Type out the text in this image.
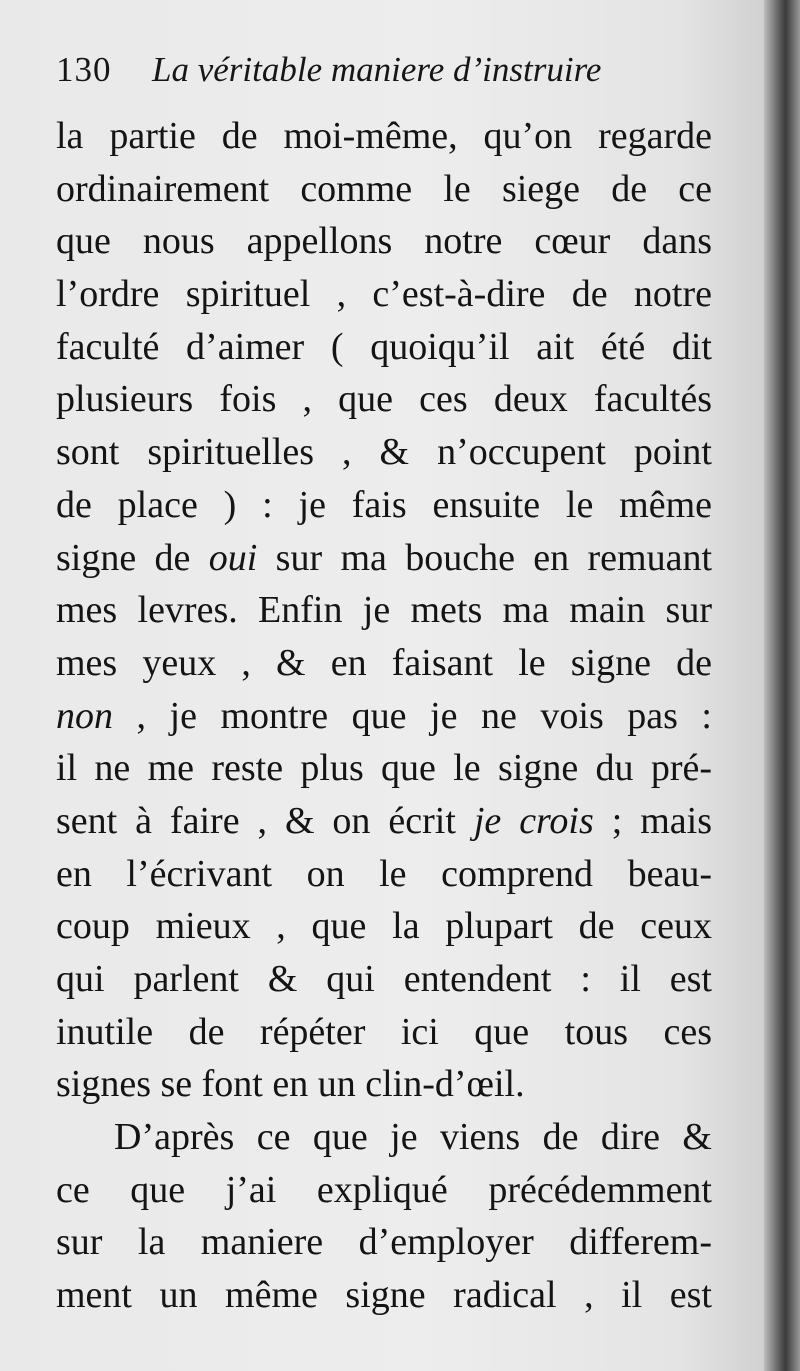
130 La véritable maniere d’instruire
la partie de moi-même, qu’on regarde
ordinairement comme le siege de ce
que nous appellons notre cœur dans
l’ordre spirituel , c’est-à-dire de notre
faculté d’aimer ( quoiqu’il ait été dit
plusieurs fois , que ces deux facultés
sont spirituelles , & n’occupent point
de place ) : je fais ensuite le même
signe de oui sur ma bouche en remuant
mes levres. Enfin je mets ma main sur
mes yeux , & en faisant le signe de
non , je montre que je ne vois pas :
il ne me reste plus que le signe du pré-
sent à faire , & on écrit je crois ; mais
en l’écrivant on le comprend beau-
coup mieux , que la plupart de ceux
qui parlent & qui entendent : il est
inutile de répéter ici que tous ces
signes se font en un clin-d’œil.
D’après ce que je viens de dire &
ce que j’ai expliqué précédemment
sur la maniere d’employer differem-
ment un même signe radical , il est
